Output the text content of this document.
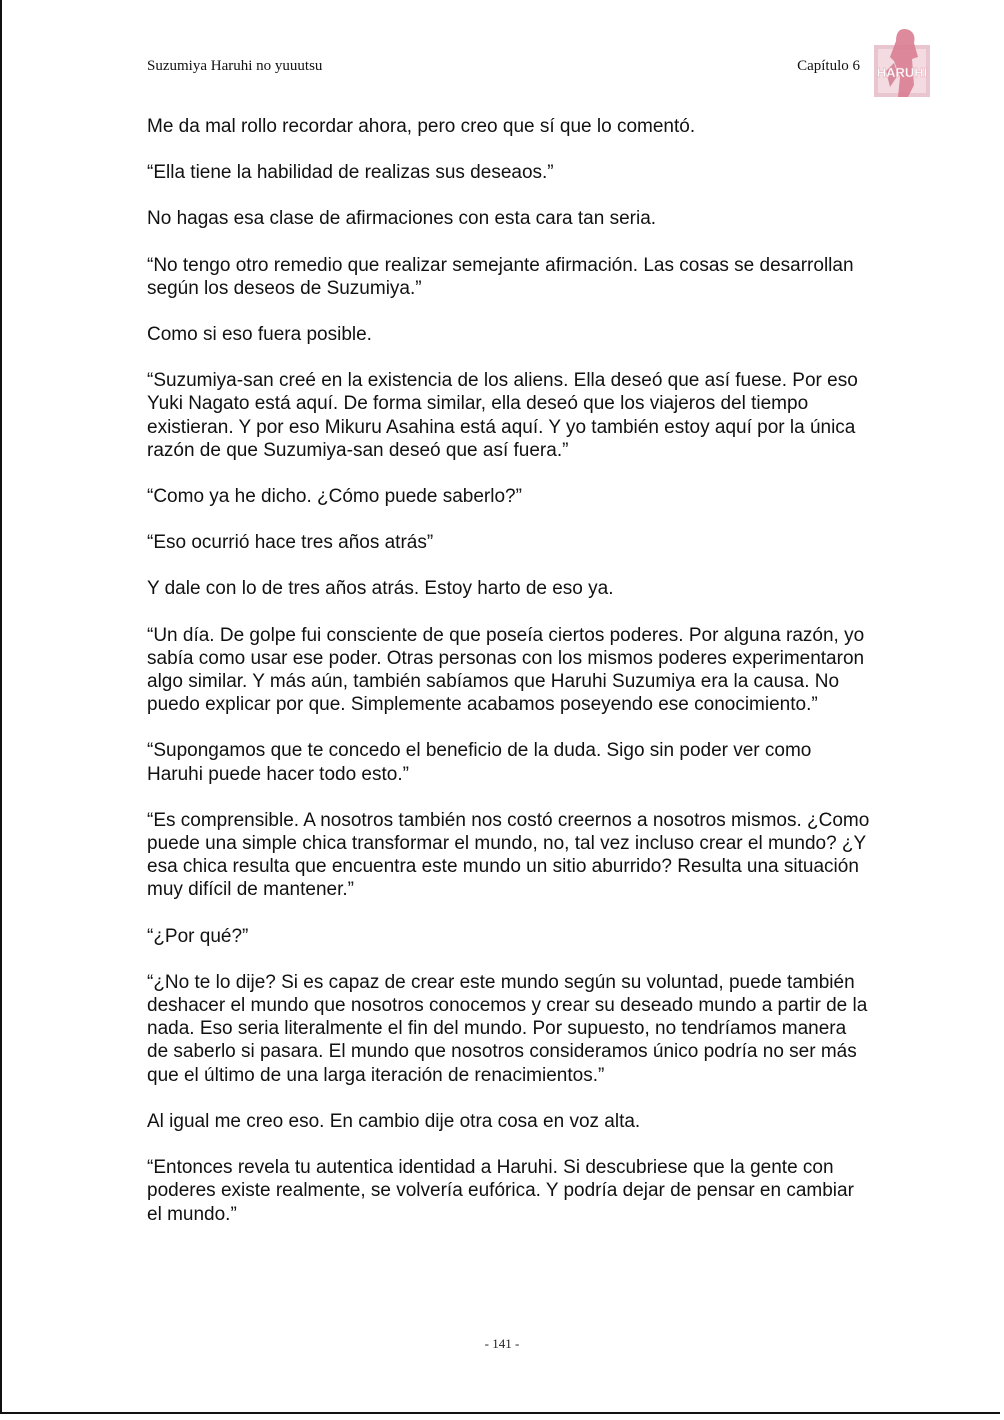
Suzumiya Haruhi no yuuutsu	Capítulo 6 HARUHI

Me da mal rollo recordar ahora, pero creo que sí que lo comentó.

“Ella tiene la habilidad de realizas sus deseaos.”

No hagas esa clase de afirmaciones con esta cara tan seria.

“No tengo otro remedio que realizar semejante afirmación. Las cosas se desarrollan según los deseos de Suzumiya.”

Como si eso fuera posible.

“Suzumiya-san creé en la existencia de los aliens. Ella deseó que así fuese. Por eso Yuki Nagato está aquí. De forma similar, ella deseó que los viajeros del tiempo existieran. Y por eso Mikuru Asahina está aquí. Y yo también estoy aquí por la única razón de que Suzumiya-san deseó que así fuera.”

“Como ya he dicho. ¿Cómo puede saberlo?”

“Eso ocurrió hace tres años atrás”

Y dale con lo de tres años atrás. Estoy harto de eso ya.

“Un día. De golpe fui consciente de que poseía ciertos poderes. Por alguna razón, yo sabía como usar ese poder. Otras personas con los mismos poderes experimentaron algo similar. Y más aún, también sabíamos que Haruhi Suzumiya era la causa. No puedo explicar por que. Simplemente acabamos poseyendo ese conocimiento.”

“Supongamos que te concedo el beneficio de la duda. Sigo sin poder ver como Haruhi puede hacer todo esto.”

“Es comprensible. A nosotros también nos costó creernos a nosotros mismos. ¿Como puede una simple chica transformar el mundo, no, tal vez incluso crear el mundo? ¿Y esa chica resulta que encuentra este mundo un sitio aburrido? Resulta una situación muy difícil de mantener.”

“¿Por qué?”

“¿No te lo dije? Si es capaz de crear este mundo según su voluntad, puede también deshacer el mundo que nosotros conocemos y crear su deseado mundo a partir de la nada. Eso seria literalmente el fin del mundo. Por supuesto, no tendríamos manera de saberlo si pasara. El mundo que nosotros consideramos único podría no ser más que el último de una larga iteración de renacimientos.”

Al igual me creo eso. En cambio dije otra cosa en voz alta.

“Entonces revela tu autentica identidad a Haruhi. Si descubriese que la gente con poderes existe realmente, se volvería eufórica. Y podría dejar de pensar en cambiar el mundo.”

- 141 -
